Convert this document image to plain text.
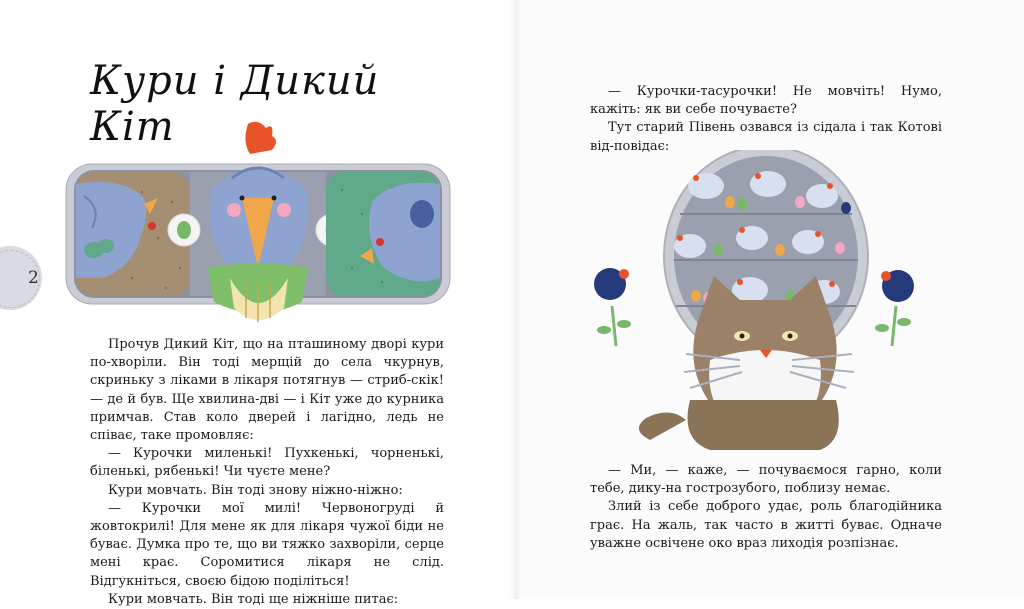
Кури і Дикий Кіт
2

Прочув Дикий Кіт, що на пташиному дворі кури по-хворіли. Він тоді мерщій до села чкурнув, скриньку з ліками в лікаря потягнув — стриб-скік! — де й був. Ще хвилина-дві — і Кіт уже до курника примчав. Став коло дверей і лагідно, ледь не співає, таке промовляє:

— Курочки миленькі! Пухкенькі, чорненькі, біленькі, рябенькі! Чи чуєте мене?

Кури мовчать. Він тоді знову ніжно-ніжно:

— Курочки мої милі! Червоногруді й жовтокрилі! Для мене як для лікаря чужої біди не буває. Думка про те, що ви тяжко захворіли, серце мені крає. Соромитися лікаря не слід. Відгукніться, своєю бідою поділіться!

Кури мовчать. Він тоді ще ніжніше питає:

— Курочки-тасурочки! Не мовчіть! Нумо, кажіть: як ви себе почуваєте?

Тут старий Півень озвався із сідала і так Котові від-повідає:

— Ми, — каже, — почуваємося гарно, коли тебе, дику-на гострозубого, поблизу немає.

Злий із себе доброго удає, роль благодійника грає. На жаль, так часто в житті буває. Одначе уважне освічене око враз лиходія розпізнає.
